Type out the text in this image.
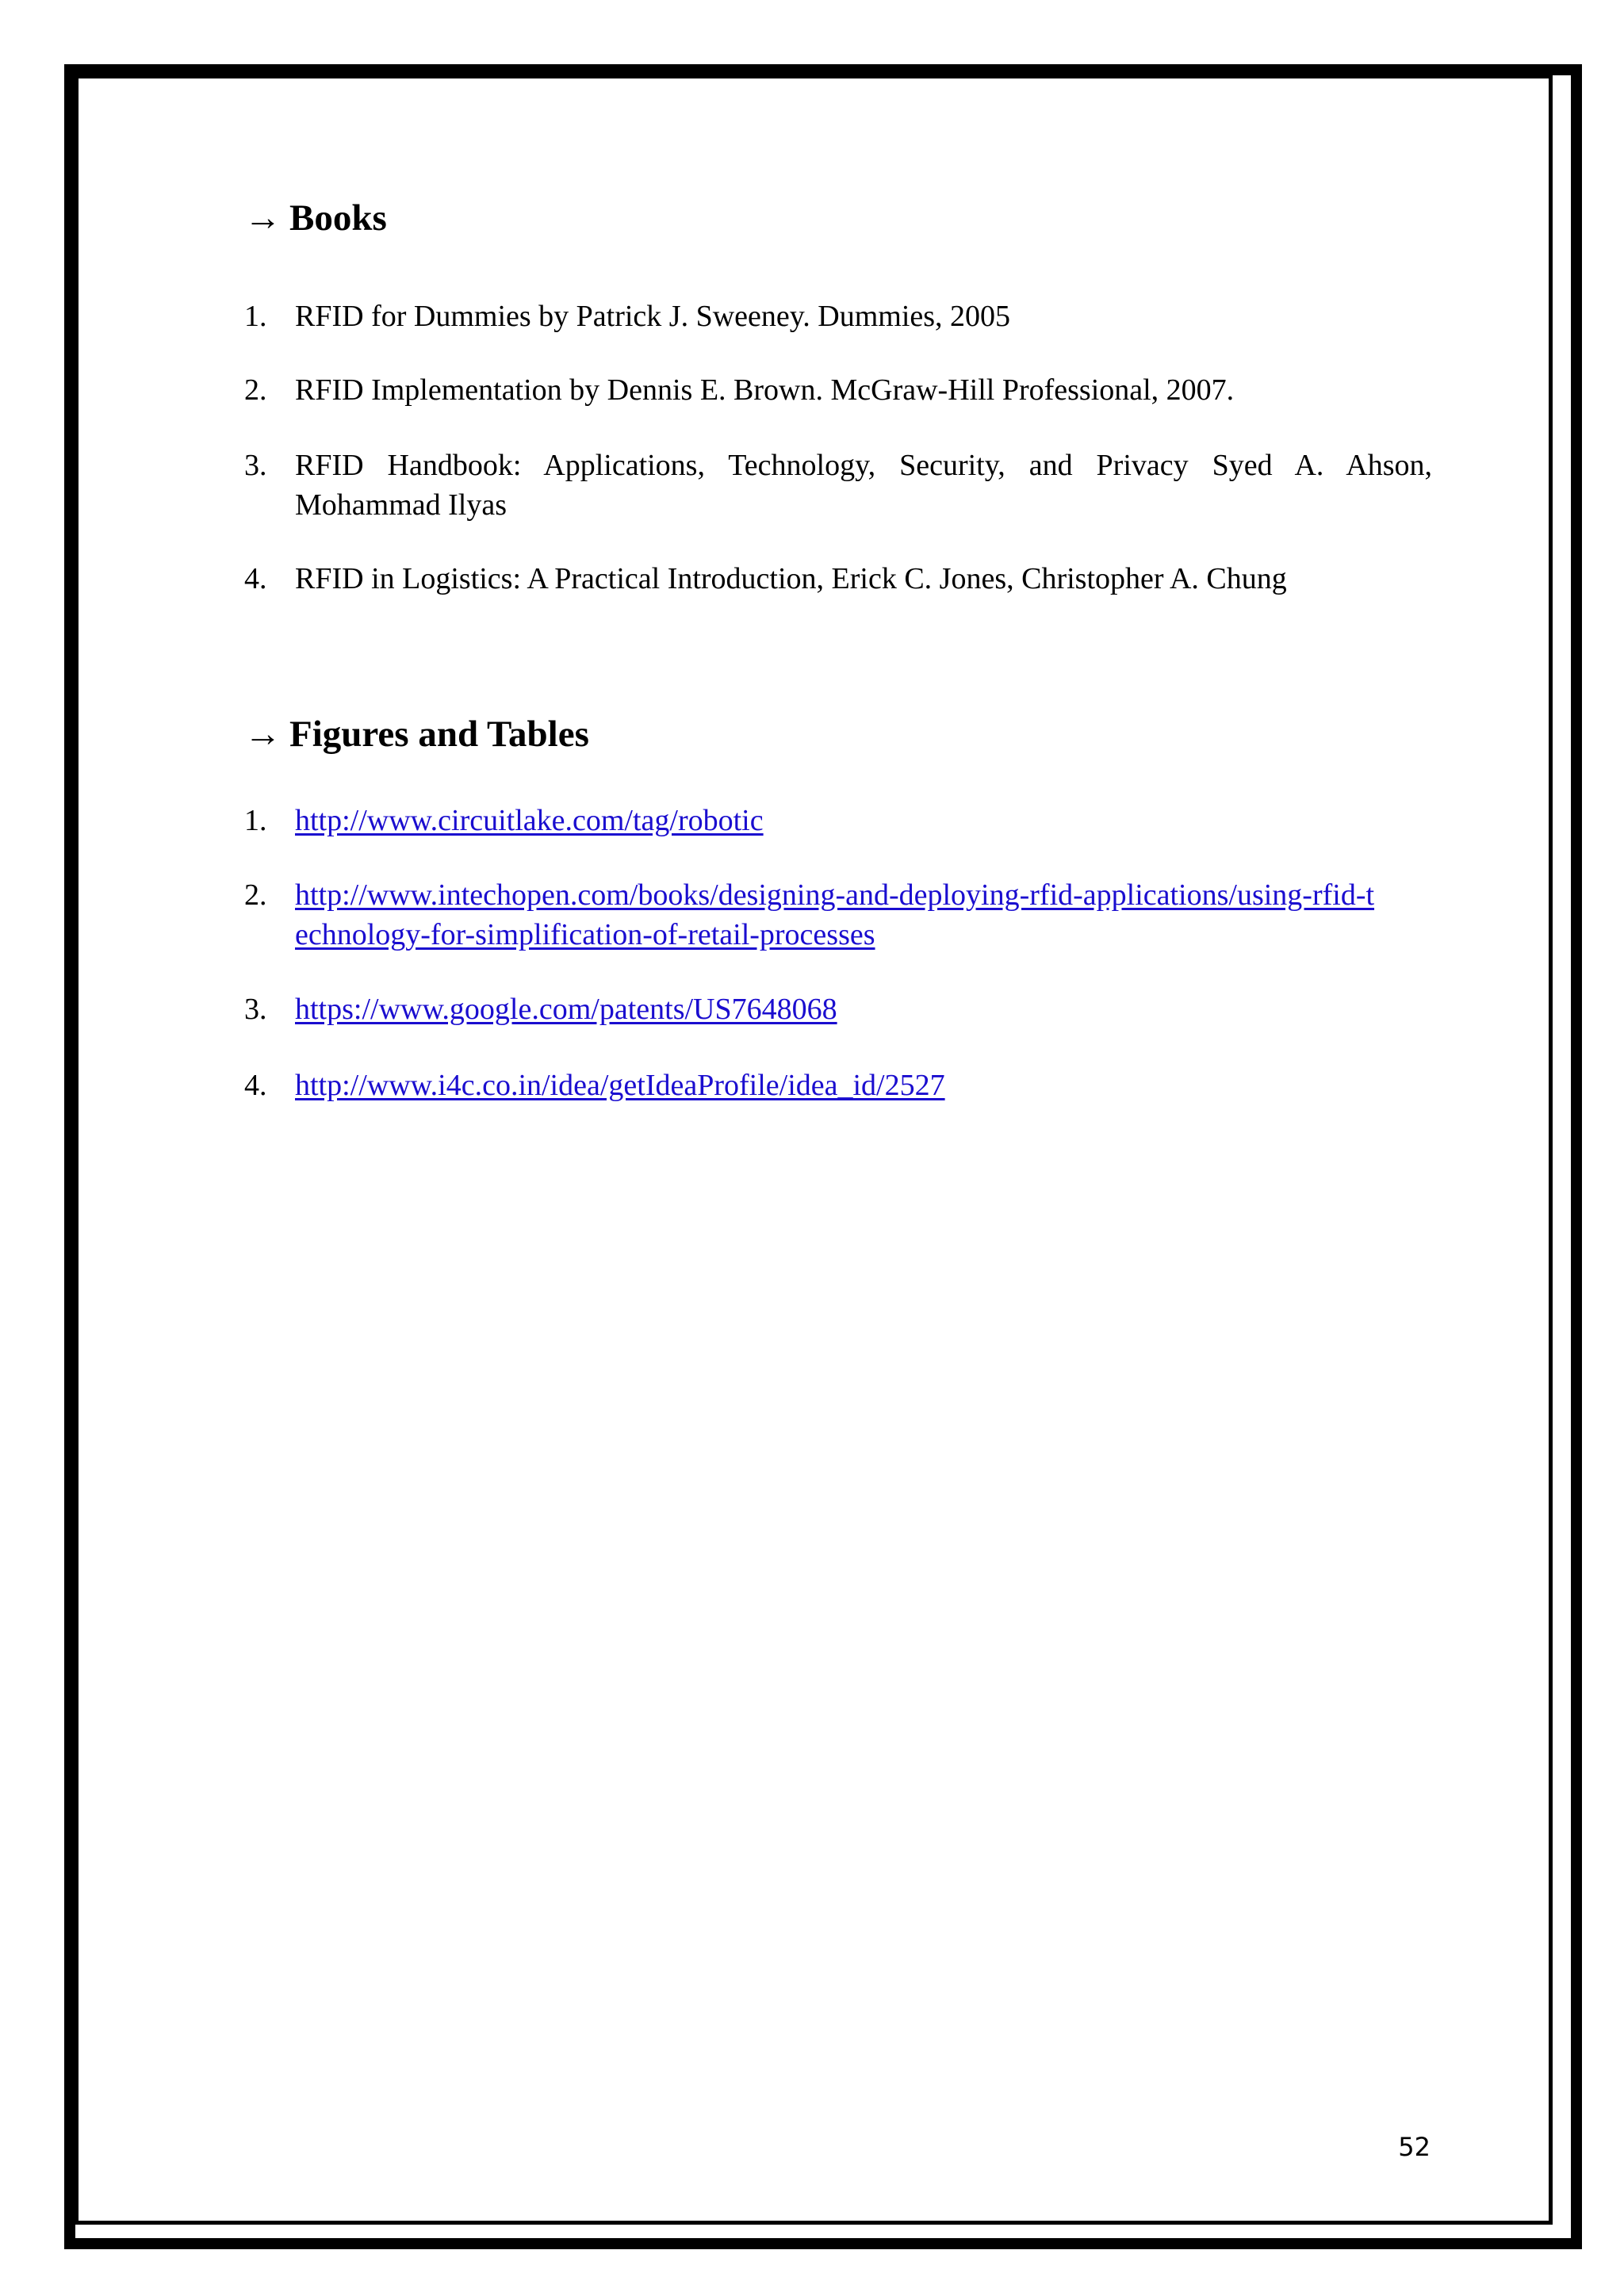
→ Books
1. RFID for Dummies by Patrick J. Sweeney. Dummies, 2005
2. RFID Implementation by Dennis E. Brown. McGraw-Hill Professional, 2007.
3. RFID Handbook: Applications, Technology, Security, and Privacy Syed A. Ahson, Mohammad Ilyas
4. RFID in Logistics: A Practical Introduction, Erick C. Jones, Christopher A. Chung
→ Figures and Tables
1. http://www.circuitlake.com/tag/robotic
2. http://www.intechopen.com/books/designing-and-deploying-rfid-applications/using-rfid-technology-for-simplification-of-retail-processes
3. https://www.google.com/patents/US7648068
4. http://www.i4c.co.in/idea/getIdeaProfile/idea_id/2527
52
